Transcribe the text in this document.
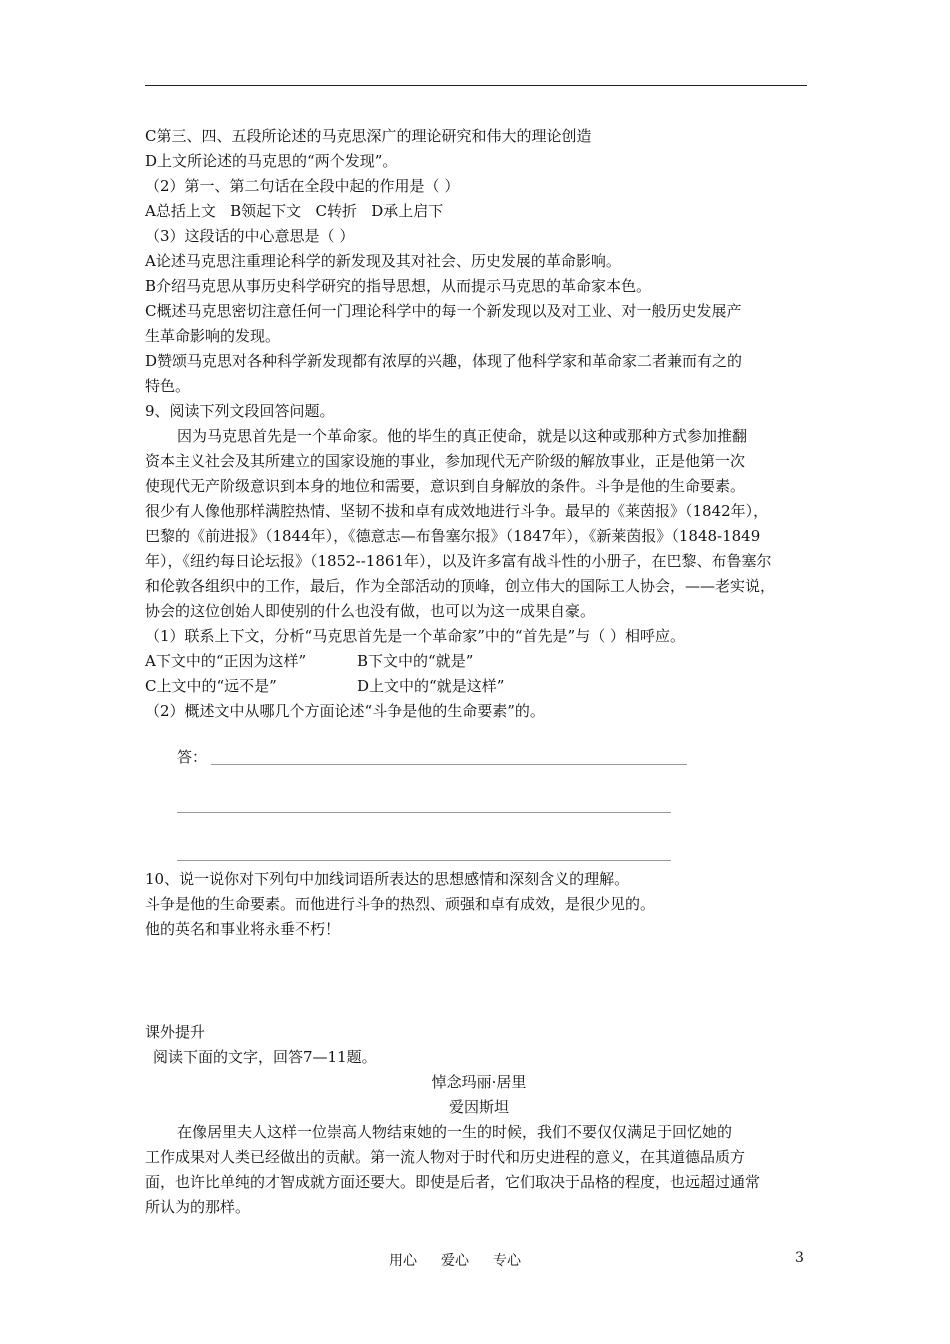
C第三、四、五段所论述的马克思深广的理论研究和伟大的理论创造
D上文所论述的马克思的“两个发现”。
（2）第一、第二句话在全段中起的作用是（ ）
A总括上文   B领起下文   C转折   D承上启下
（3）这段话的中心意思是（ ）
A论述马克思注重理论科学的新发现及其对社会、历史发展的革命影响。
B介绍马克思从事历史科学研究的指导思想，从而提示马克思的革命家本色。
C概述马克思密切注意任何一门理论科学中的每一个新发现以及对工业、对一般历史发展产
生革命影响的发现。
D赞颂马克思对各种科学新发现都有浓厚的兴趣，体现了他科学家和革命家二者兼而有之的
特色。
9、阅读下列文段回答问题。
因为马克思首先是一个革命家。他的毕生的真正使命，就是以这种或那种方式参加推翻
资本主义社会及其所建立的国家设施的事业，参加现代无产阶级的解放事业，正是他第一次
使现代无产阶级意识到本身的地位和需要，意识到自身解放的条件。斗争是他的生命要素。
很少有人像他那样满腔热情、坚韧不拔和卓有成效地进行斗争。最早的《莱茵报》（1842年），
巴黎的《前进报》（1844年），《德意志—布鲁塞尔报》（1847年），《新莱茵报》（1848-1849
年），《纽约每日论坛报》（1852--1861年），以及许多富有战斗性的小册子，在巴黎、布鲁塞尔
和伦敦各组织中的工作，最后，作为全部活动的顶峰，创立伟大的国际工人协会，——老实说，
协会的这位创始人即使别的什么也没有做，也可以为这一成果自豪。
（1）联系上下文，分析“马克思首先是一个革命家”中的“首先是”与（ ）相呼应。
A下文中的“正因为这样”	B下文中的“就是”
C上文中的“远不是”	D上文中的“就是这样”
（2）概述文中从哪几个方面论述“斗争是他的生命要素”的。
答：
10、说一说你对下列句中加线词语所表达的思想感情和深刻含义的理解。
斗争是他的生命要素。而他进行斗争的热烈、顽强和卓有成效，是很少见的。
他的英名和事业将永垂不朽！
课外提升
阅读下面的文字，回答7—11题。
悼念玛丽·居里
爱因斯坦
在像居里夫人这样一位崇高人物结束她的一生的时候，我们不要仅仅满足于回忆她的
工作成果对人类已经做出的贡献。第一流人物对于时代和历史进程的意义，在其道德品质方
面，也许比单纯的才智成就方面还要大。即使是后者，它们取决于品格的程度，也远超过通常
所认为的那样。
用心 爱心 专心	3
